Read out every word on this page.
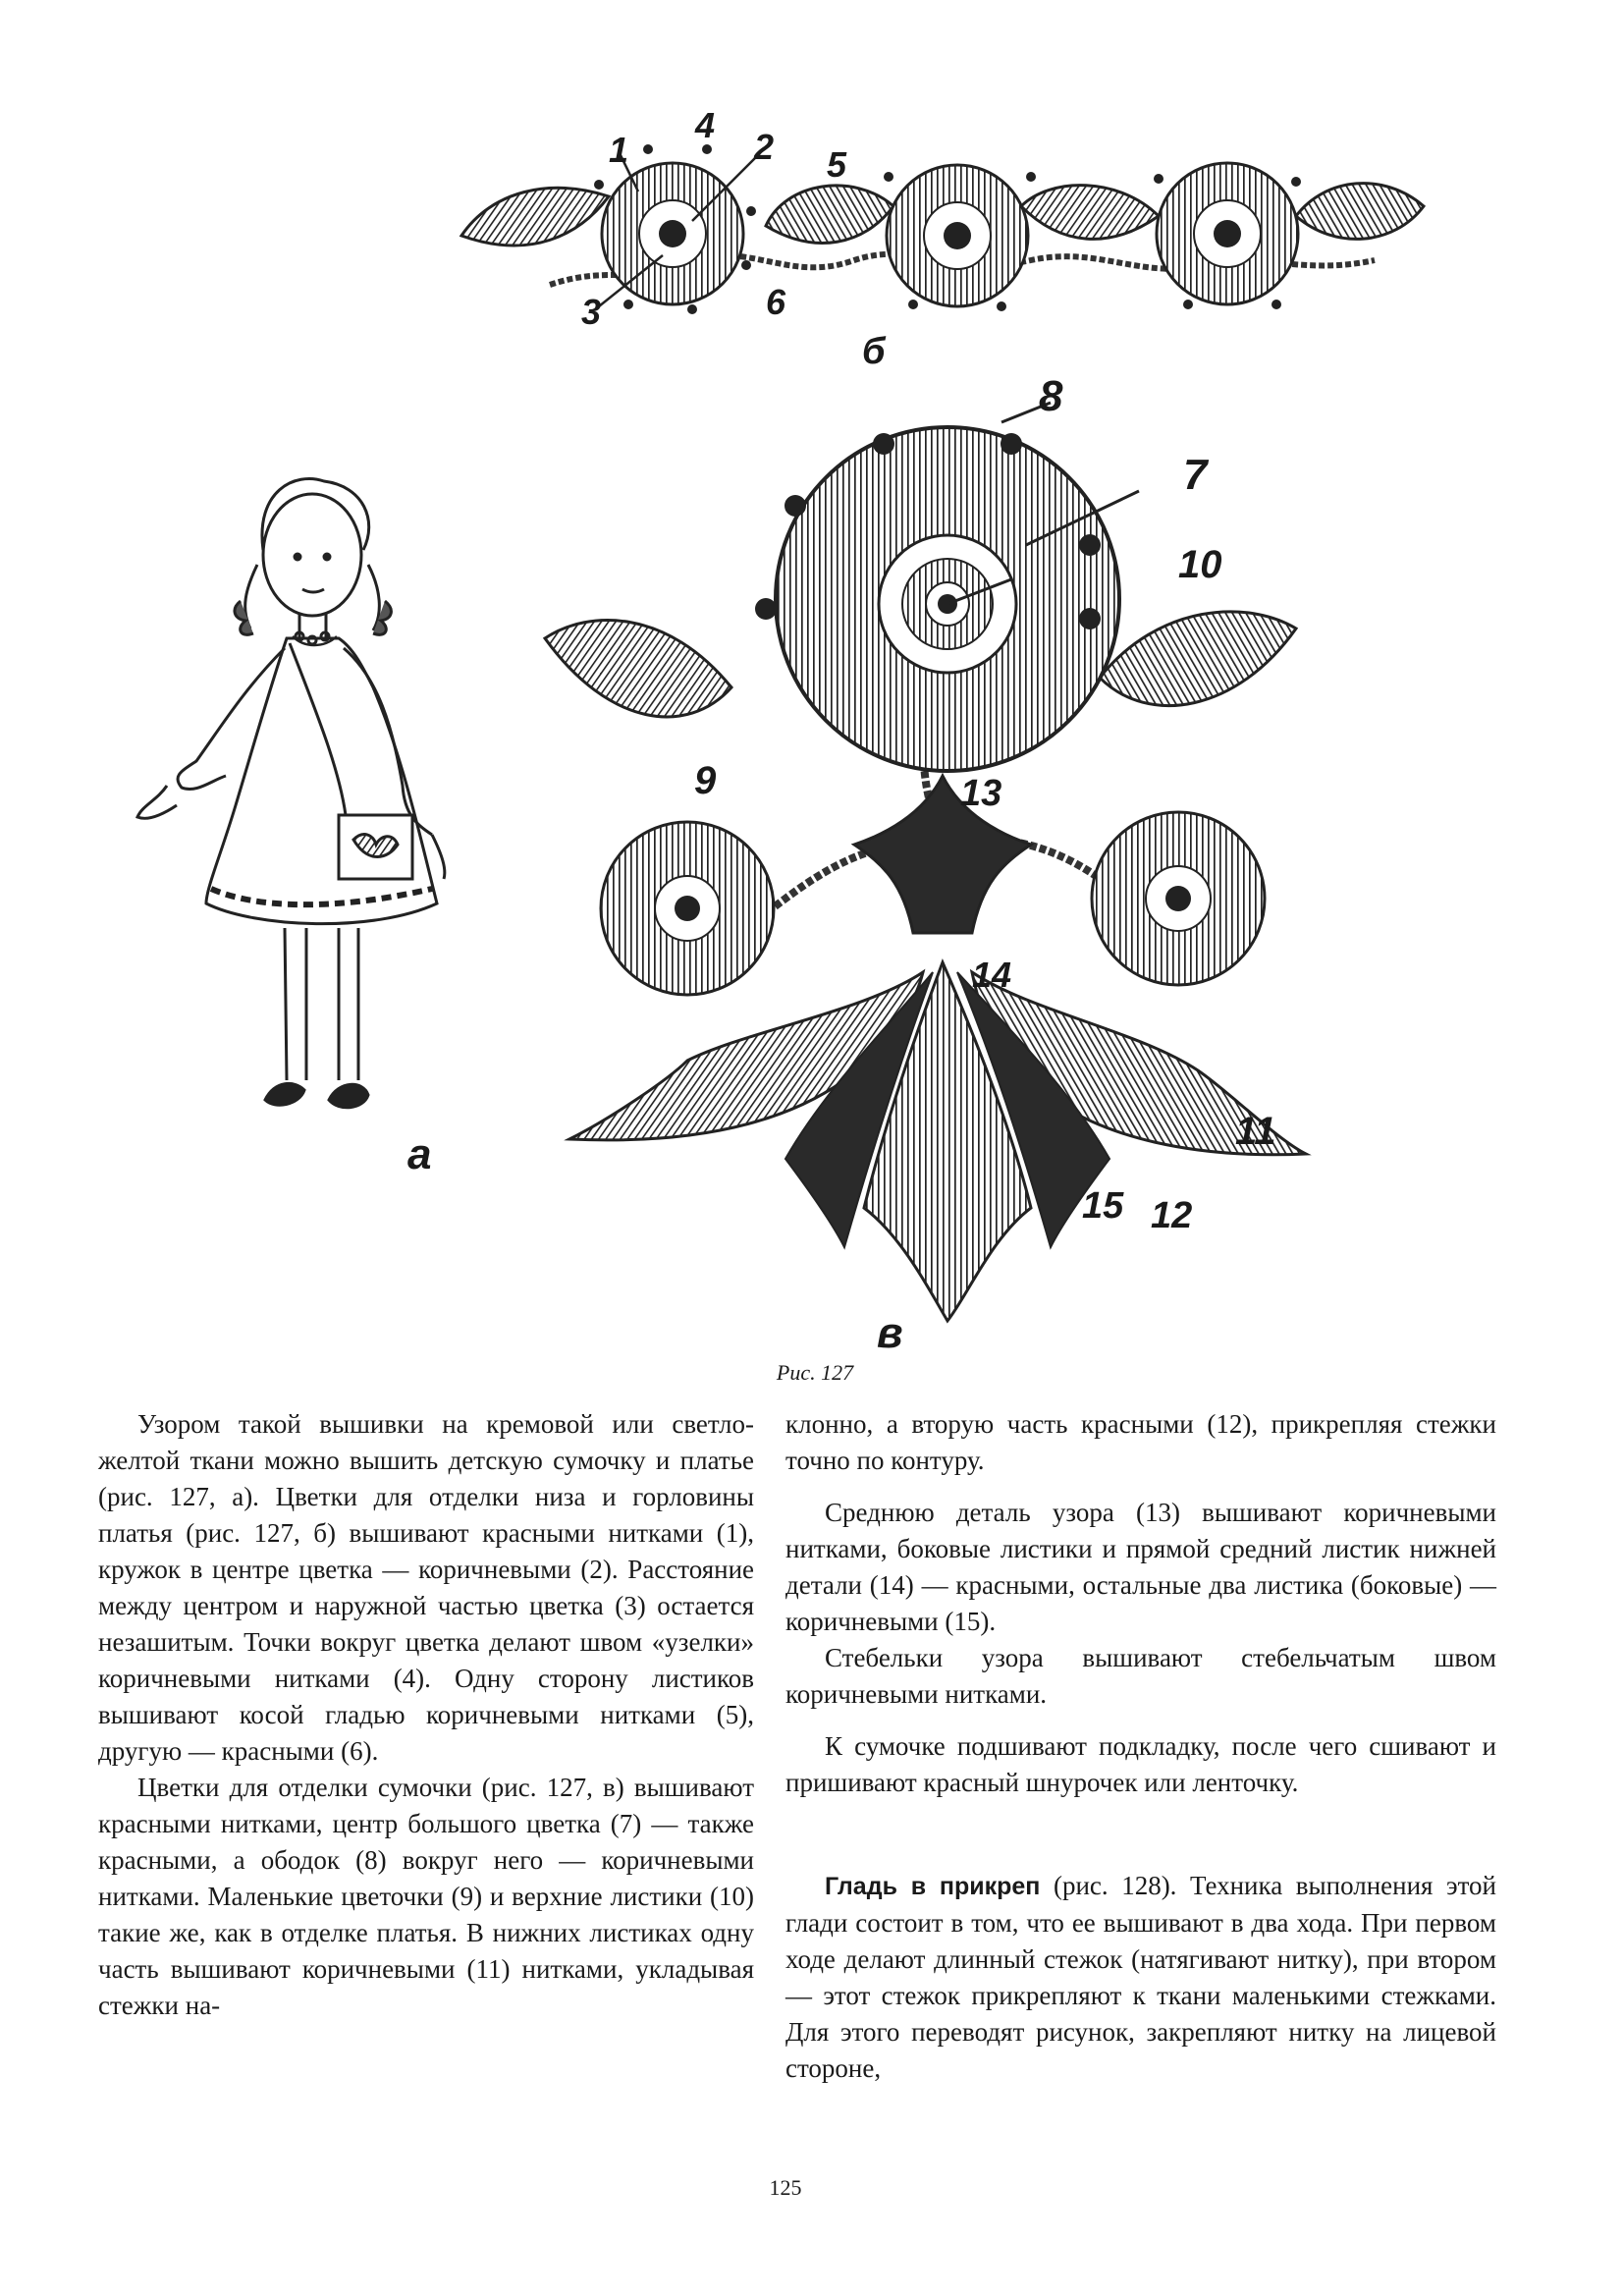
1
4
2 5
3	6
б
а
8
7
10
9	13
14
11
15 12
в
Рис. 127

Узором такой вышивки на кремовой или светло-желтой ткани можно вышить детскую сумочку и платье (рис. 127, а). Цветки для отделки низа и горловины платья (рис. 127, б) вышивают красными нитками (1), кружок в центре цветка — коричневыми (2). Расстояние между центром и наружной частью цветка (3) остается незашитым. Точки вокруг цветка делают швом «узелки» коричневыми нитками (4). Одну сторону листиков вышивают косой гладью коричневыми нитками (5), другую — красными (6).

Цветки для отделки сумочки (рис. 127, в) вышивают красными нитками, центр большого цветка (7) — также красными, а ободок (8) вокруг него — коричневыми нитками. Маленькие цветочки (9) и верхние листики (10) такие же, как в отделке платья. В нижних листиках одну часть вышивают коричневыми (11) нитками, укладывая стежки на-

клонно, а вторую часть красными (12), прикрепляя стежки точно по контуру.

Среднюю деталь узора (13) вышивают коричневыми нитками, боковые листики и прямой средний листик нижней детали (14) — красными, остальные два листика (боковые) — коричневыми (15).

Стебельки узора вышивают стебельчатым швом коричневыми нитками.

К сумочке подшивают подкладку, после чего сшивают и пришивают красный шнурочек или ленточку.

Гладь в прикреп (рис. 128). Техника выполнения этой глади состоит в том, что ее вышивают в два хода. При первом ходе делают длинный стежок (натягивают нитку), при втором — этот стежок прикрепляют к ткани маленькими стежками. Для этого переводят рисунок, закрепляют нитку на лицевой стороне,

125
